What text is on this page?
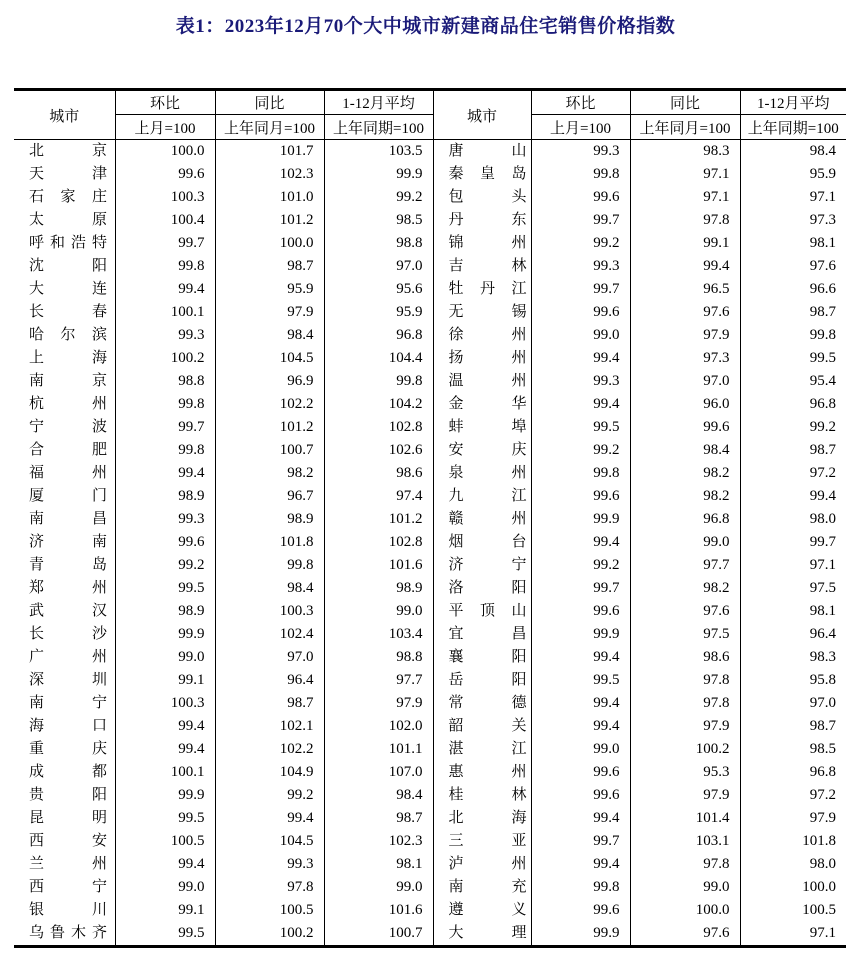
表1：2023年12月70个大中城市新建商品住宅销售价格指数
城市	环比	同比	1-12月平均	城市	环比	同比	1-12月平均
	上月=100	上年同月=100	上年同期=100		上月=100	上年同月=100	上年同期=100

北京	100.0	101.7	103.5	唐山	99.3	98.3	98.4

天津	99.6	102.3	99.9	秦皇岛	99.8	97.1	95.9

石家庄	100.3	101.0	99.2	包头	99.6	97.1	97.1

太原	100.4	101.2	98.5	丹东	99.7	97.8	97.3

呼和浩特	99.7	100.0	98.8	锦州	99.2	99.1	98.1

沈阳	99.8	98.7	97.0	吉林	99.3	99.4	97.6

大连	99.4	95.9	95.6	牡丹江	99.7	96.5	96.6

长春	100.1	97.9	95.9	无锡	99.6	97.6	98.7

哈尔滨	99.3	98.4	96.8	徐州	99.0	97.9	99.8

上海	100.2	104.5	104.4	扬州	99.4	97.3	99.5

南京	98.8	96.9	99.8	温州	99.3	97.0	95.4

杭州	99.8	102.2	104.2	金华	99.4	96.0	96.8

宁波	99.7	101.2	102.8	蚌埠	99.5	99.6	99.2

合肥	99.8	100.7	102.6	安庆	99.2	98.4	98.7

福州	99.4	98.2	98.6	泉州	99.8	98.2	97.2

厦门	98.9	96.7	97.4	九江	99.6	98.2	99.4

南昌	99.3	98.9	101.2	赣州	99.9	96.8	98.0

济南	99.6	101.8	102.8	烟台	99.4	99.0	99.7

青岛	99.2	99.8	101.6	济宁	99.2	97.7	97.1

郑州	99.5	98.4	98.9	洛阳	99.7	98.2	97.5

武汉	98.9	100.3	99.0	平顶山	99.6	97.6	98.1

长沙	99.9	102.4	103.4	宜昌	99.9	97.5	96.4

广州	99.0	97.0	98.8	襄阳	99.4	98.6	98.3

深圳	99.1	96.4	97.7	岳阳	99.5	97.8	95.8

南宁	100.3	98.7	97.9	常德	99.4	97.8	97.0

海口	99.4	102.1	102.0	韶关	99.4	97.9	98.7

重庆	99.4	102.2	101.1	湛江	99.0	100.2	98.5

成都	100.1	104.9	107.0	惠州	99.6	95.3	96.8

贵阳	99.9	99.2	98.4	桂林	99.6	97.9	97.2

昆明	99.5	99.4	98.7	北海	99.4	101.4	97.9

西安	100.5	104.5	102.3	三亚	99.7	103.1	101.8

兰州	99.4	99.3	98.1	泸州	99.4	97.8	98.0

西宁	99.0	97.8	99.0	南充	99.8	99.0	100.0

银川	99.1	100.5	101.6	遵义	99.6	100.0	100.5

乌鲁木齐	99.5	100.2	100.7	大理	99.9	97.6	97.1
